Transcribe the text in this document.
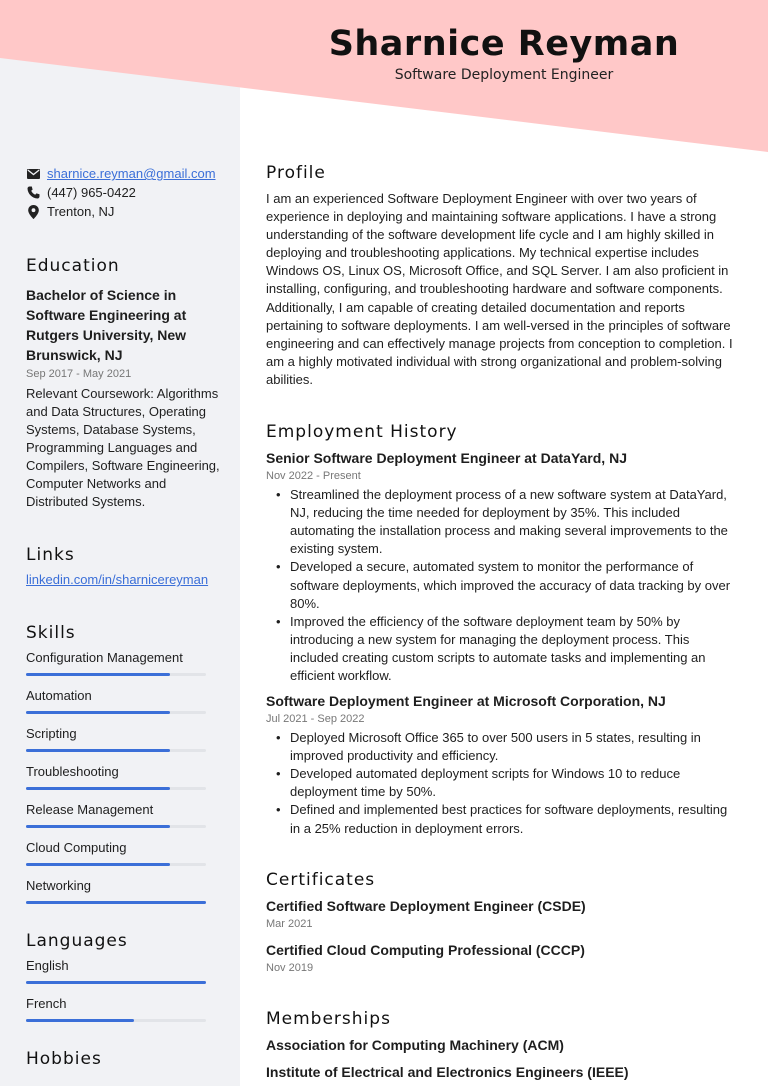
Sharnice Reyman
Software Deployment Engineer
sharnice.reyman@gmail.com
(447) 965-0422
Trenton, NJ
Education
Bachelor of Science in Software Engineering at Rutgers University, New Brunswick, NJ
Sep 2017 - May 2021
Relevant Coursework: Algorithms and Data Structures, Operating Systems, Database Systems, Programming Languages and Compilers, Software Engineering, Computer Networks and Distributed Systems.
Links
linkedin.com/in/sharnicereyman
Skills
Configuration Management
Automation
Scripting
Troubleshooting
Release Management
Cloud Computing
Networking
Languages
English
French
Hobbies
Profile
I am an experienced Software Deployment Engineer with over two years of experience in deploying and maintaining software applications. I have a strong understanding of the software development life cycle and I am highly skilled in deploying and troubleshooting applications. My technical expertise includes Windows OS, Linux OS, Microsoft Office, and SQL Server. I am also proficient in installing, configuring, and troubleshooting hardware and software components. Additionally, I am capable of creating detailed documentation and reports pertaining to software deployments. I am well-versed in the principles of software engineering and can effectively manage projects from conception to completion. I am a highly motivated individual with strong organizational and problem-solving abilities.
Employment History
Senior Software Deployment Engineer at DataYard, NJ
Nov 2022 - Present
• Streamlined the deployment process of a new software system at DataYard, NJ, reducing the time needed for deployment by 35%. This included automating the installation process and making several improvements to the existing system.
• Developed a secure, automated system to monitor the performance of software deployments, which improved the accuracy of data tracking by over 80%.
• Improved the efficiency of the software deployment team by 50% by introducing a new system for managing the deployment process. This included creating custom scripts to automate tasks and implementing an efficient workflow.
Software Deployment Engineer at Microsoft Corporation, NJ
Jul 2021 - Sep 2022
• Deployed Microsoft Office 365 to over 500 users in 5 states, resulting in improved productivity and efficiency.
• Developed automated deployment scripts for Windows 10 to reduce deployment time by 50%.
• Defined and implemented best practices for software deployments, resulting in a 25% reduction in deployment errors.
Certificates
Certified Software Deployment Engineer (CSDE)
Mar 2021
Certified Cloud Computing Professional (CCCP)
Nov 2019
Memberships
Association for Computing Machinery (ACM)
Institute of Electrical and Electronics Engineers (IEEE)
